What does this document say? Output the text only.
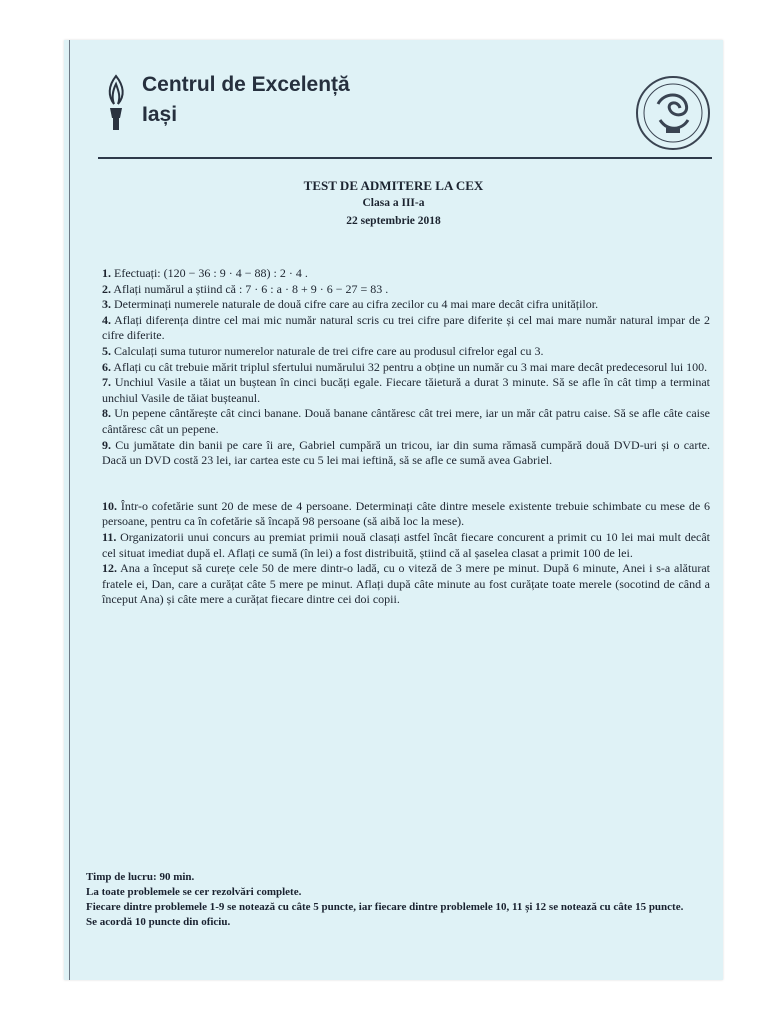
Centrul de Excelență
Iași
TEST DE ADMITERE LA CEX
Clasa a III-a
22 septembrie 2018

1. Efectuați: (120 − 36 : 9 · 4 − 88) : 2 · 4 .

2. Aflați numărul a știind că : 7 · 6 : a · 8 + 9 · 6 − 27 = 83 .

3. Determinați numerele naturale de două cifre care au cifra zecilor cu 4 mai mare decât cifra unităților.

4. Aflați diferența dintre cel mai mic număr natural scris cu trei cifre pare diferite și cel mai mare număr natural impar de 2 cifre diferite.

5. Calculați suma tuturor numerelor naturale de trei cifre care au produsul cifrelor egal cu 3.

6. Aflați cu cât trebuie mărit triplul sfertului numărului 32 pentru a obține un număr cu 3 mai mare decât predecesorul lui 100.

7. Unchiul Vasile a tăiat un buștean în cinci bucăți egale. Fiecare tăietură a durat 3 minute. Să se afle în cât timp a terminat unchiul Vasile de tăiat bușteanul.

8. Un pepene cântărește cât cinci banane. Două banane cântăresc cât trei mere, iar un măr cât patru caise. Să se afle câte caise cântăresc cât un pepene.

9. Cu jumătate din banii pe care îi are, Gabriel cumpără un tricou, iar din suma rămasă cumpără două DVD-uri și o carte. Dacă un DVD costă 23 lei, iar cartea este cu 5 lei mai ieftină, să se afle ce sumă avea Gabriel.

10. Într-o cofetărie sunt 20 de mese de 4 persoane. Determinați câte dintre mesele existente trebuie schimbate cu mese de 6 persoane, pentru ca în cofetărie să încapă 98 persoane (să aibă loc la mese).

11. Organizatorii unui concurs au premiat primii nouă clasați astfel încât fiecare concurent a primit cu 10 lei mai mult decât cel situat imediat după el. Aflați ce sumă (în lei) a fost distribuită, știind că al șaselea clasat a primit 100 de lei.

12. Ana a început să curețe cele 50 de mere dintr-o ladă, cu o viteză de 3 mere pe minut. După 6 minute, Anei i s-a alăturat fratele ei, Dan, care a curățat câte 5 mere pe minut. Aflați după câte minute au fost curățate toate merele (socotind de când a început Ana) și câte mere a curățat fiecare dintre cei doi copii.

Timp de lucru: 90 min.

La toate problemele se cer rezolvări complete.

Fiecare dintre problemele 1-9 se notează cu câte 5 puncte, iar fiecare dintre problemele 10, 11 și 12 se notează cu câte 15 puncte.

Se acordă 10 puncte din oficiu.
